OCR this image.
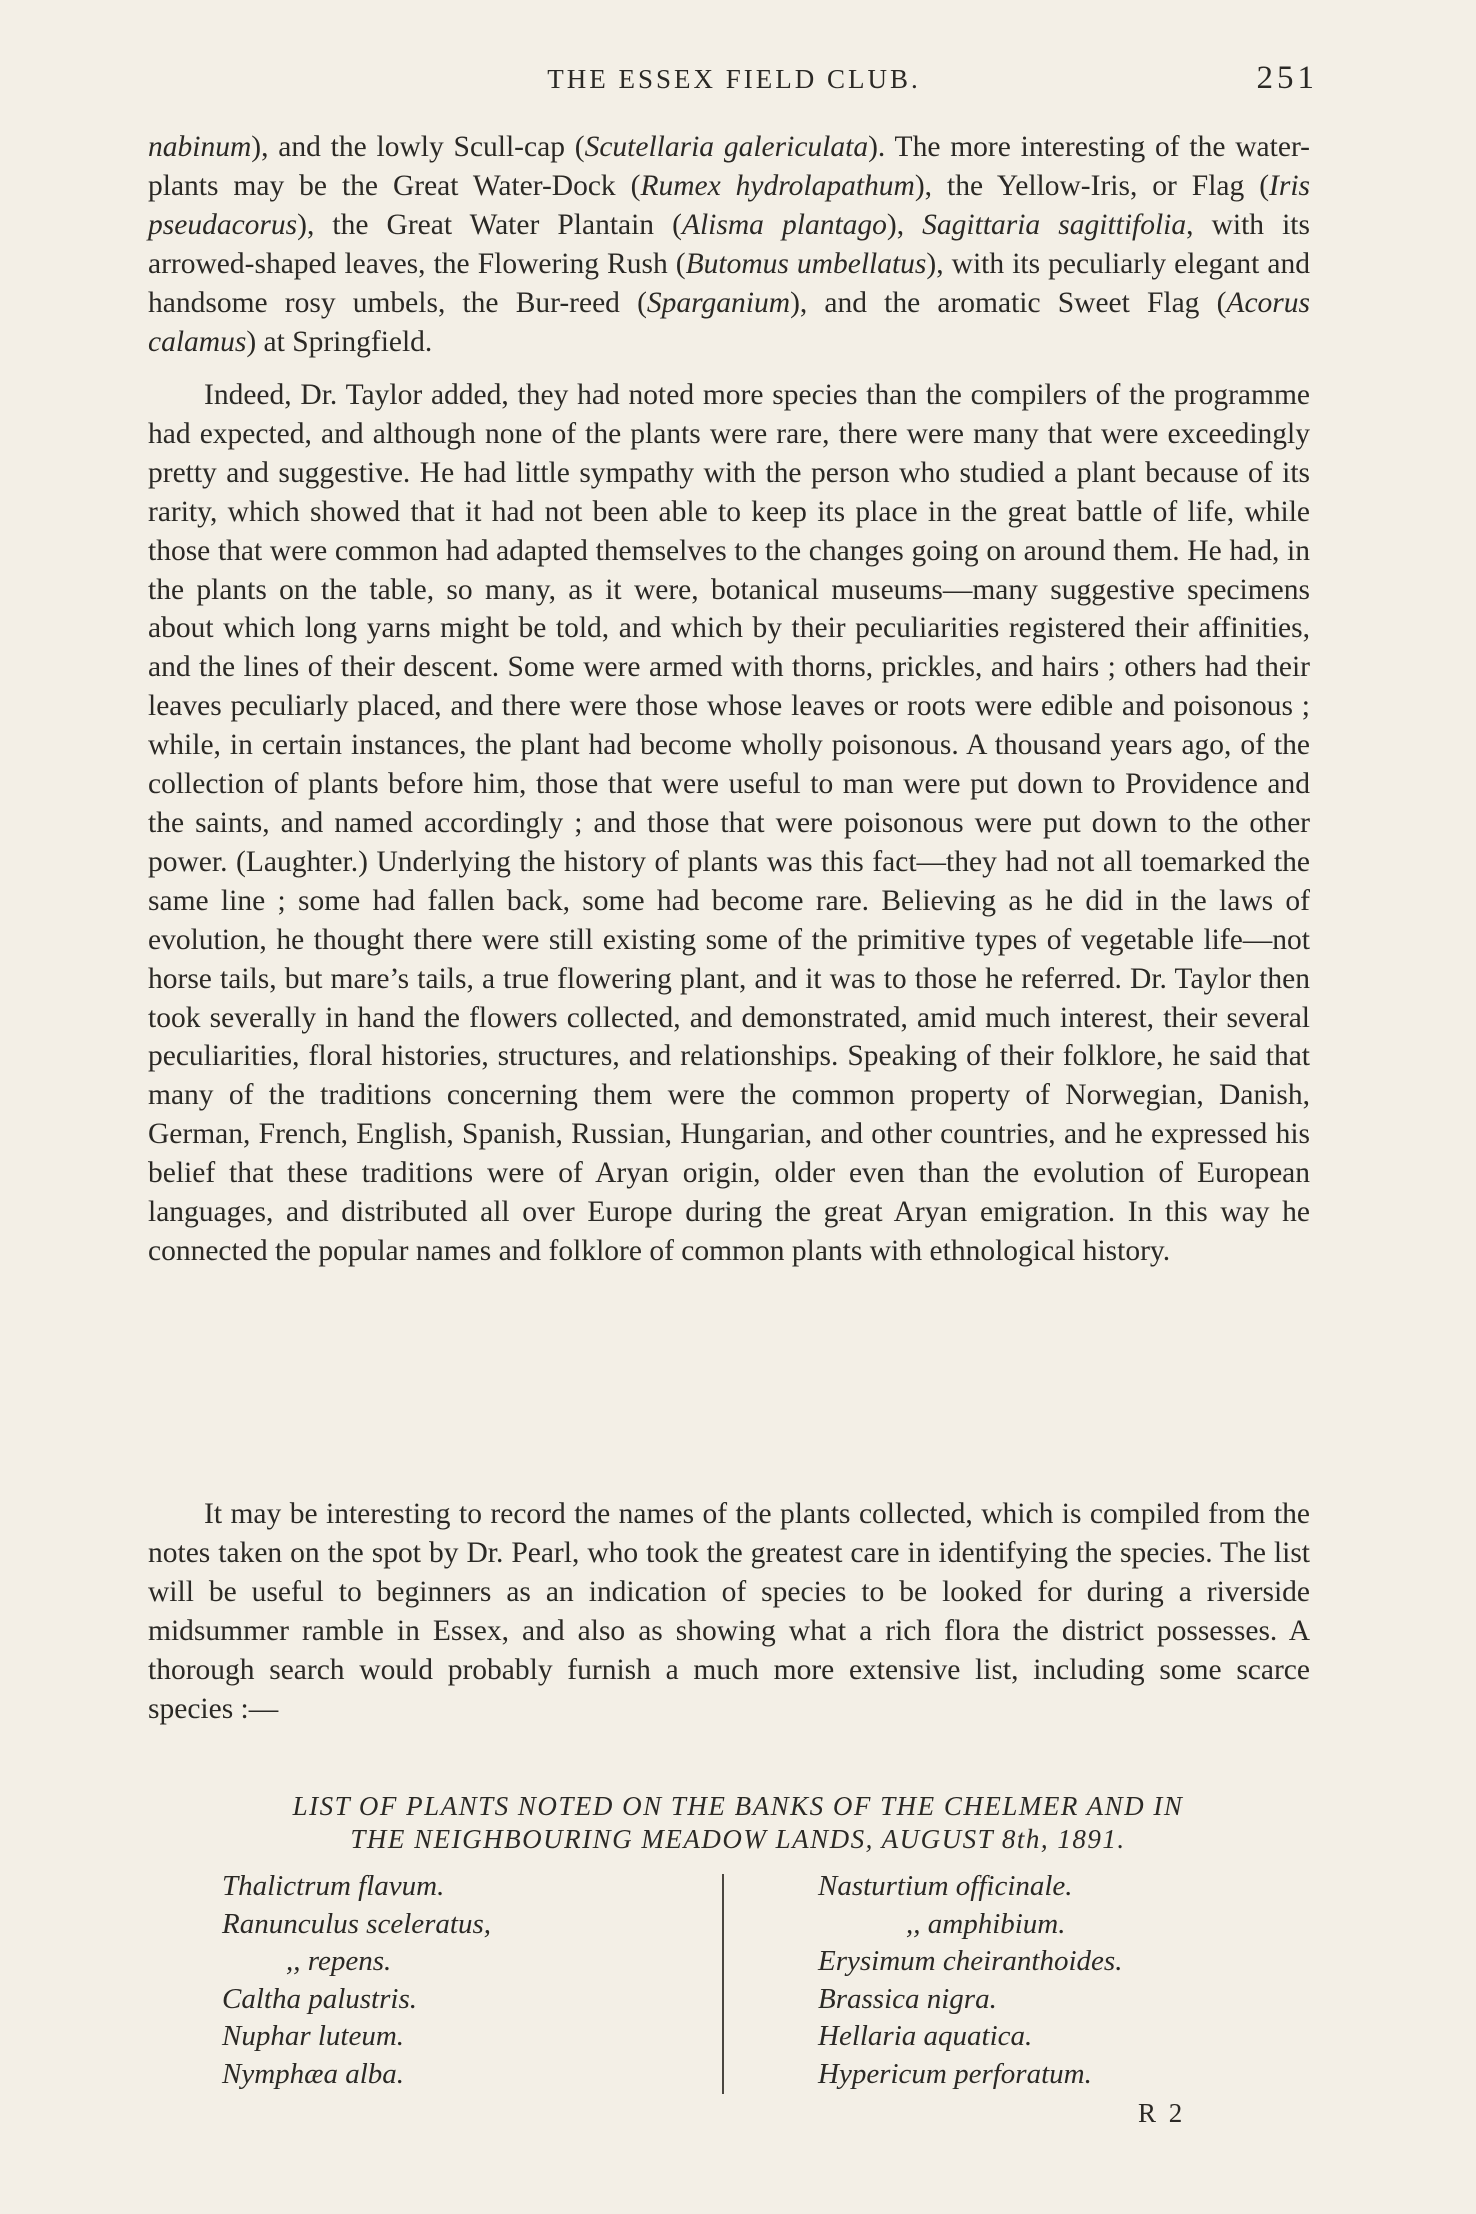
THE ESSEX FIELD CLUB.	251

nabinum), and the lowly Scull-cap (Scutellaria galericulata). The more interesting of the water-plants may be the Great Water-Dock (Rumex hydrolapathum), the Yellow-Iris, or Flag (Iris pseudacorus), the Great Water Plantain (Alisma plantago), Sagittaria sagittifolia, with its arrowed-shaped leaves, the Flowering Rush (Butomus umbellatus), with its peculiarly elegant and handsome rosy umbels, the Bur-reed (Sparganium), and the aromatic Sweet Flag (Acorus calamus) at Springfield.

Indeed, Dr. Taylor added, they had noted more species than the compilers of the programme had expected, and although none of the plants were rare, there were many that were exceedingly pretty and suggestive. He had little sympathy with the person who studied a plant because of its rarity, which showed that it had not been able to keep its place in the great battle of life, while those that were common had adapted themselves to the changes going on around them. He had, in the plants on the table, so many, as it were, botanical museums—many suggestive specimens about which long yarns might be told, and which by their peculiarities registered their affinities, and the lines of their descent. Some were armed with thorns, prickles, and hairs ; others had their leaves peculiarly placed, and there were those whose leaves or roots were edible and poisonous ; while, in certain instances, the plant had become wholly poisonous. A thousand years ago, of the collection of plants before him, those that were useful to man were put down to Providence and the saints, and named accordingly ; and those that were poisonous were put down to the other power. (Laughter.) Underlying the history of plants was this fact—they had not all toemarked the same line ; some had fallen back, some had become rare. Believing as he did in the laws of evolution, he thought there were still existing some of the primitive types of vegetable life—not horse tails, but mare’s tails, a true flowering plant, and it was to those he referred. Dr. Taylor then took severally in hand the flowers collected, and demonstrated, amid much interest, their several peculiarities, floral histories, structures, and relationships. Speaking of their folklore, he said that many of the traditions concerning them were the common property of Norwegian, Danish, German, French, English, Spanish, Russian, Hungarian, and other countries, and he expressed his belief that these traditions were of Aryan origin, older even than the evolution of European languages, and distributed all over Europe during the great Aryan emigration. In this way he connected the popular names and folklore of common plants with ethnological history.

It may be interesting to record the names of the plants collected, which is compiled from the notes taken on the spot by Dr. Pearl, who took the greatest care in identifying the species. The list will be useful to beginners as an indication of species to be looked for during a riverside midsummer ramble in Essex, and also as showing what a rich flora the district possesses. A thorough search would probably furnish a much more extensive list, including some scarce species :—

LIST OF PLANTS NOTED ON THE BANKS OF THE CHELMER AND IN
THE NEIGHBOURING MEADOW LANDS, AUGUST 8th, 1891.
Thalictrum flavum.
Ranunculus sceleratus,
,, repens.
Caltha palustris.
Nuphar luteum.
Nymphæa alba.
Nasturtium officinale.
,, amphibium.
Erysimum cheiranthoides.
Brassica nigra.
Hellaria aquatica.
Hypericum perforatum.
R 2
